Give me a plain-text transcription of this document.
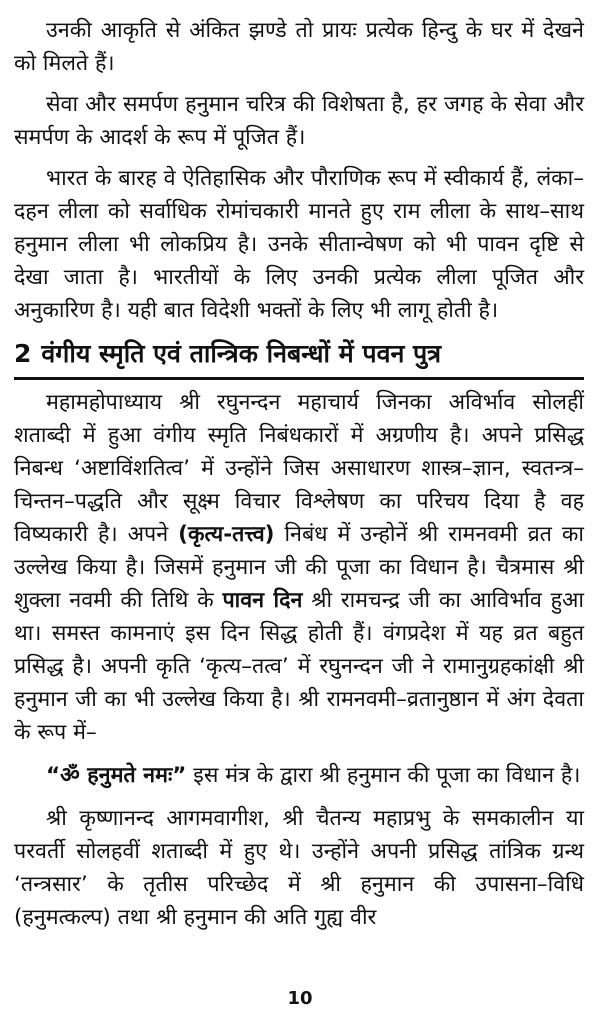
उनकी आकृति से अंकित झण्डे तो प्रायः प्रत्येक हिन्दु के घर में देखने को मिलते हैं।

सेवा और समर्पण हनुमान चरित्र की विशेषता है, हर जगह के सेवा और समर्पण के आदर्श के रूप में पूजित हैं।

भारत के बारह वे ऐतिहासिक और पौराणिक रूप में स्वीकार्य हैं, लंका–दहन लीला को सर्वाधिक रोमांचकारी मानते हुए राम लीला के साथ–साथ हनुमान लीला भी लोकप्रिय है। उनके सीतान्वेषण को भी पावन दृष्टि से देखा जाता है। भारतीयों के लिए उनकी प्रत्येक लीला पूजित और अनुकारिण है। यही बात विदेशी भक्तों के लिए भी लागू होती है।

2 वंगीय स्मृति एवं तान्त्रिक निबन्धों में पवन पुत्र

महामहोपाध्याय श्री रघुनन्दन महाचार्य जिनका अविर्भाव सोलहीं शताब्दी में हुआ वंगीय स्मृति निबंधकारों में अग्रणीय है। अपने प्रसिद्ध निबन्ध ‘अष्टाविंशतित्व’ में उन्होंने जिस असाधारण शास्त्र–ज्ञान, स्वतन्त्र–चिन्तन–पद्धति और सूक्ष्म विचार विश्लेषण का परिचय दिया है वह विष्यकारी है। अपने (कृत्य-तत्त्व) निबंध में उन्होनें श्री रामनवमी व्रत का उल्लेख किया है। जिसमें हनुमान जी की पूजा का विधान है। चैत्रमास श्री शुक्ला नवमी की तिथि के पावन दिन श्री रामचन्द्र जी का आविर्भाव हुआ था। समस्त कामनाएं इस दिन सिद्ध होती हैं। वंगप्रदेश में यह व्रत बहुत प्रसिद्ध है। अपनी कृति ‘कृत्य–तत्व’ में रघुनन्दन जी ने रामानुग्रहकांक्षी श्री हनुमान जी का भी उल्लेख किया है। श्री रामनवमी–व्रतानुष्ठान में अंग देवता के रूप में–

“ॐ हनुमते नमः” इस मंत्र के द्वारा श्री हनुमान की पूजा का विधान है।

श्री कृष्णानन्द आगमवागीश, श्री चैतन्य महाप्रभु के समकालीन या परवर्ती सोलहवीं शताब्दी में हुए थे। उन्होंने अपनी प्रसिद्ध तांत्रिक ग्रन्थ ‘तन्त्रसार’ के तृतीस परिच्छेद में श्री हनुमान की उपासना–विधि (हनुमत्कल्प) तथा श्री हनुमान की अति गुह्य वीर

10
